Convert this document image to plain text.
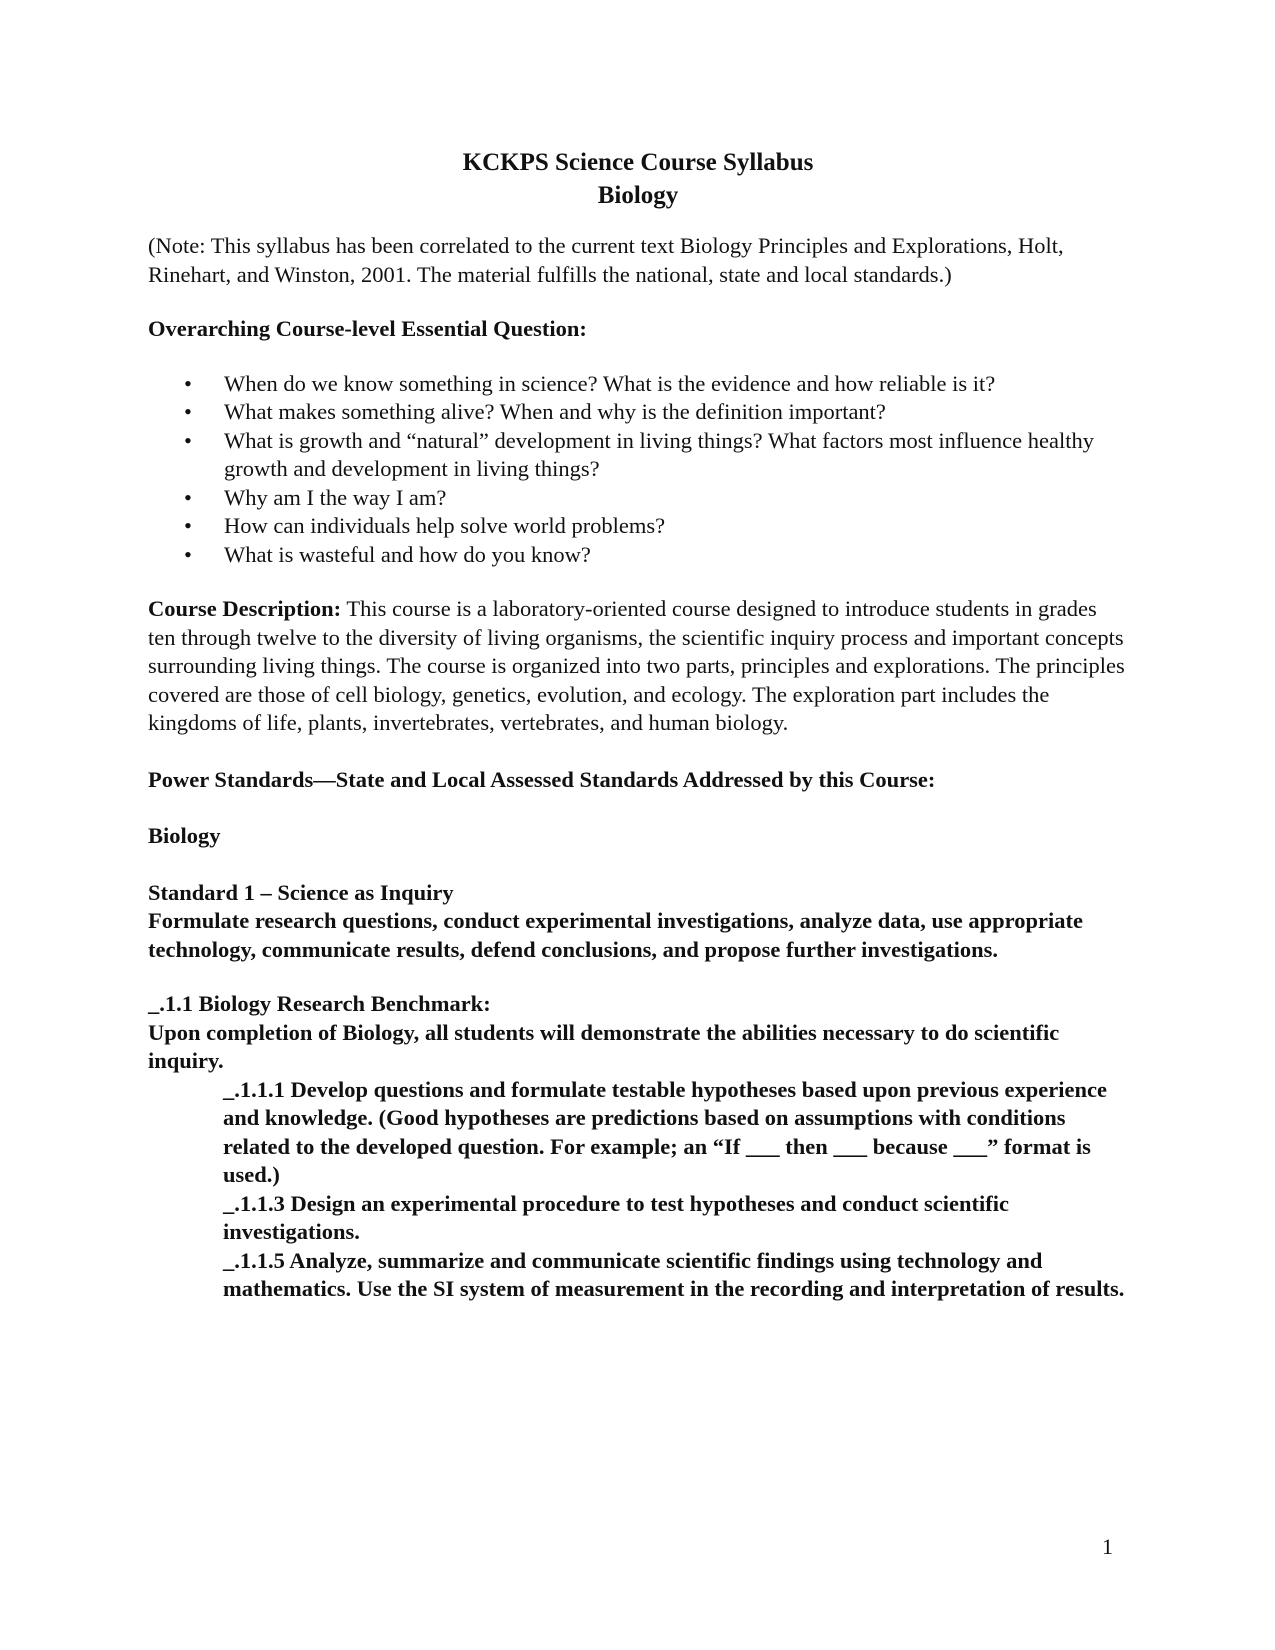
KCKPS Science Course Syllabus
Biology

(Note: This syllabus has been correlated to the current text Biology Principles and Explorations, Holt, Rinehart, and Winston, 2001. The material fulfills the national, state and local standards.)

Overarching Course-level Essential Question:

• When do we know something in science? What is the evidence and how reliable is it?
• What makes something alive? When and why is the definition important?
• What is growth and “natural” development in living things? What factors most influence healthy growth and development in living things?
• Why am I the way I am?
• How can individuals help solve world problems?
• What is wasteful and how do you know?

Course Description: This course is a laboratory-oriented course designed to introduce students in grades ten through twelve to the diversity of living organisms, the scientific inquiry process and important concepts surrounding living things. The course is organized into two parts, principles and explorations. The principles covered are those of cell biology, genetics, evolution, and ecology. The exploration part includes the kingdoms of life, plants, invertebrates, vertebrates, and human biology.

Power Standards—State and Local Assessed Standards Addressed by this Course:

Biology

Standard 1 – Science as Inquiry

Formulate research questions, conduct experimental investigations, analyze data, use appropriate technology, communicate results, defend conclusions, and propose further investigations.

_.1.1 Biology Research Benchmark:

Upon completion of Biology, all students will demonstrate the abilities necessary to do scientific inquiry.

_.1.1.1 Develop questions and formulate testable hypotheses based upon previous experience and knowledge. (Good hypotheses are predictions based on assumptions with conditions related to the developed question. For example; an “If ___ then ___ because ___” format is used.)

_.1.1.3 Design an experimental procedure to test hypotheses and conduct scientific investigations.

_.1.1.5 Analyze, summarize and communicate scientific findings using technology and mathematics. Use the SI system of measurement in the recording and interpretation of results.

1
